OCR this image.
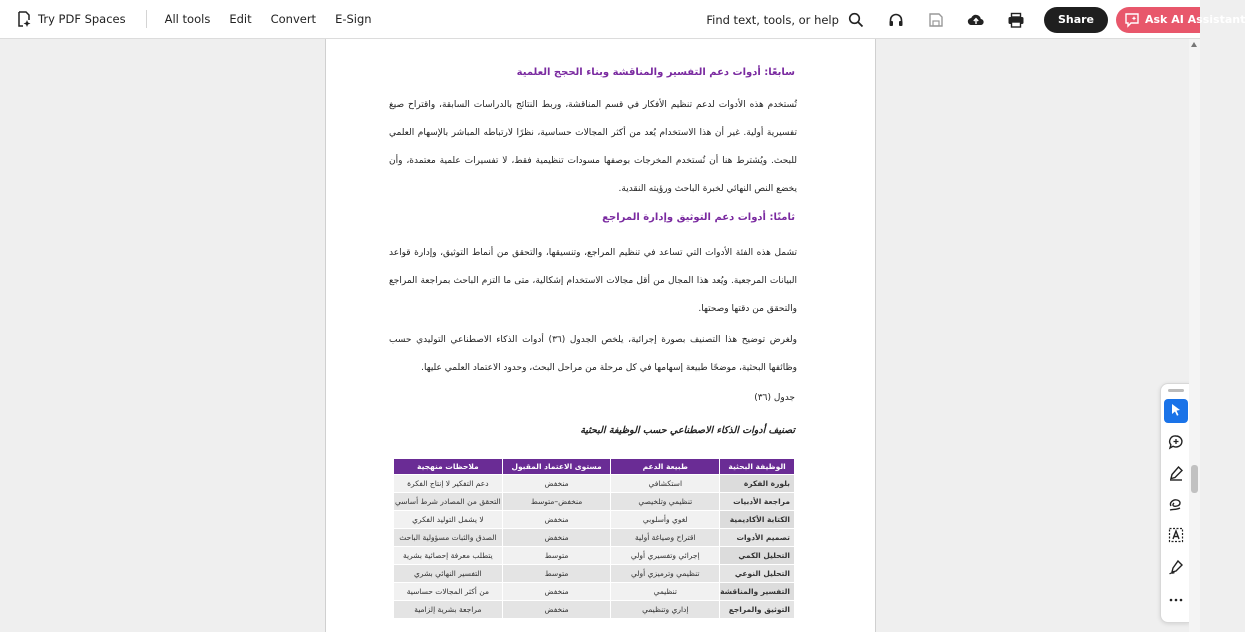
Try PDF Spaces	All tools Edit Convert E-Sign	Find text, tools, or help	Share	Ask AI Assistant
سابعًا: أدوات دعم التفسير والمناقشة وبناء الحجج العلمية
تُستخدم هذه الأدوات لدعم تنظيم الأفكار في قسم المناقشة، وربط النتائج بالدراسات السابقة، واقتراح صيغ تفسيرية أولية. غير أن هذا الاستخدام يُعد من أكثر المجالات حساسية، نظرًا لارتباطه المباشر بالإسهام العلمي للبحث. ويُشترط هنا أن تُستخدم المخرجات بوصفها مسودات تنظيمية فقط، لا تفسيرات علمية معتمدة، وأن يخضع النص النهائي لخبرة الباحث ورؤيته النقدية.
ثامنًا: أدوات دعم التوثيق وإدارة المراجع
تشمل هذه الفئة الأدوات التي تساعد في تنظيم المراجع، وتنسيقها، والتحقق من أنماط التوثيق، وإدارة قواعد البيانات المرجعية. ويُعد هذا المجال من أقل مجالات الاستخدام إشكالية، متى ما التزم الباحث بمراجعة المراجع والتحقق من دقتها وصحتها.
ولغرض توضيح هذا التصنيف بصورة إجرائية، يلخص الجدول (٣٦) أدوات الذكاء الاصطناعي التوليدي حسب وظائفها البحثية، موضحًا طبيعة إسهامها في كل مرحلة من مراحل البحث، وحدود الاعتماد العلمي عليها.
جدول (٣٦)
تصنيف أدوات الذكاء الاصطناعي حسب الوظيفة البحثية
الوظيفة البحثية	طبيعة الدعم	مستوى الاعتماد المقبول	ملاحظات منهجية
بلورة الفكرة	استكشافي	منخفض	دعم التفكير لا إنتاج الفكرة
مراجعة الأدبيات	تنظيمي وتلخيصي	منخفض–متوسط	التحقق من المصادر شرط أساسي
الكتابة الأكاديمية	لغوي وأسلوبي	منخفض	لا يشمل التوليد الفكري
تصميم الأدوات	اقتراح وصياغة أولية	منخفض	الصدق والثبات مسؤولية الباحث
التحليل الكمي	إجرائي وتفسيري أولي	متوسط	يتطلب معرفة إحصائية بشرية
التحليل النوعي	تنظيمي وترميزي أولي	متوسط	التفسير النهائي بشري
التفسير والمناقشة	تنظيمي	منخفض	من أكثر المجالات حساسية
التوثيق والمراجع	إداري وتنظيمي	منخفض	مراجعة بشرية إلزامية
